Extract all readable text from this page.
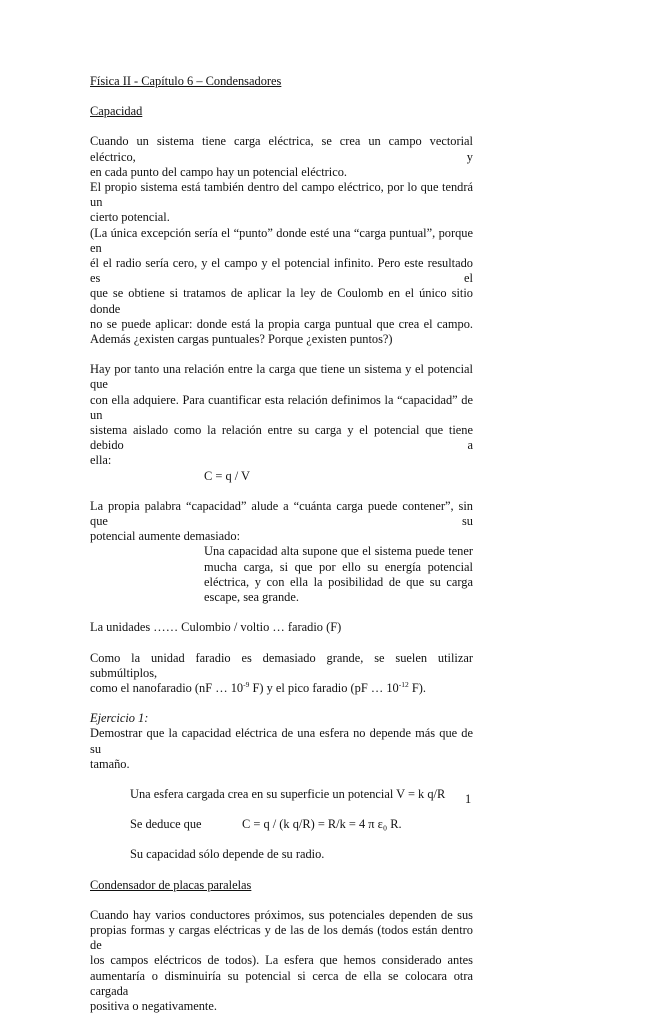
Física II - Capítulo 6 – Condensadores

Capacidad

Cuando un sistema tiene carga eléctrica, se crea un campo vectorial eléctrico, y

en cada punto del campo hay un potencial eléctrico.

El propio sistema está también dentro del campo eléctrico, por lo que tendrá un

cierto potencial.

(La única excepción sería el “punto” donde esté una “carga puntual”, porque en

él el radio sería cero, y el campo y el potencial infinito. Pero este resultado es el

que se obtiene si tratamos de aplicar la ley de Coulomb en el único sitio donde

no se puede aplicar: donde está la propia carga puntual que crea el campo.

Además ¿existen cargas puntuales? Porque ¿existen puntos?)

Hay por tanto una relación entre la carga que tiene un sistema y el potencial que

con ella adquiere. Para cuantificar esta relación definimos la “capacidad” de un

sistema aislado como la relación entre su carga y el potencial que tiene debido a

ella:

C = q / V

La propia palabra “capacidad” alude a “cuánta carga puede contener”, sin que su

potencial aumente demasiado:

Una capacidad alta supone que el sistema puede tener

mucha carga, si que por ello su energía potencial

eléctrica, y con ella la posibilidad de que su carga

escape, sea grande.

La unidades …… Culombio / voltio … faradio (F)

Como la unidad faradio es demasiado grande, se suelen utilizar submúltiplos,

como el nanofaradio (nF … $10^{-9}$ F) y el pico faradio (pF … $10^{-12}$ F).

Ejercicio 1:

Demostrar que la capacidad eléctrica de una esfera no depende más que de su

tamaño.

Una esfera cargada crea en su superficie un potencial V = k q/R

Se deduce que	C = q / (k q/R) = R/k = 4 π ε₀ R.

Su capacidad sólo depende de su radio.

Condensador de placas paralelas

Cuando hay varios conductores próximos, sus potenciales dependen de sus

propias formas y cargas eléctricas y de las de los demás (todos están dentro de

los campos eléctricos de todos). La esfera que hemos considerado antes

aumentaría o disminuiría su potencial si cerca de ella se colocara otra cargada

positiva o negativamente.

1
